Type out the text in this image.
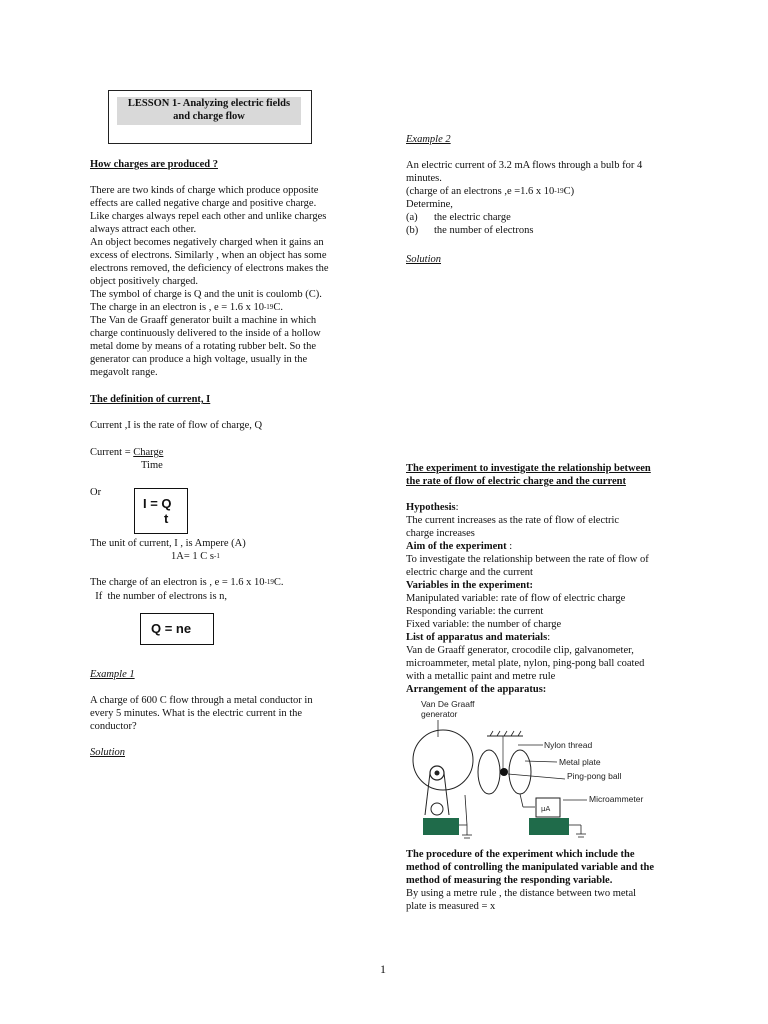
LESSON 1- Analyzing electric fields
and charge flow

How charges are produced ?

There are two kinds of charge which produce opposite

effects are called negative charge and positive charge.

Like charges always repel each other and unlike charges

always attract each other.

An object becomes negatively charged when it gains an

excess of electrons. Similarly , when an object has some

electrons removed, the deficiency of electrons makes the

object positively charged.

The symbol of charge is Q and the unit is coulomb (C).

The charge in an electron is , e = 1.6 x $10^{-19}C$.

The Van de Graaff generator built a machine in which

charge continuously delivered to the inside of a hollow

metal dome by means of a rotating rubber belt. So the

generator can produce a high voltage, usually in the

megavolt range.

The definition of current, I

Current ,I is the rate of flow of charge, Q

Current = Charge
Time
Or
I = Q
t
The unit of current, I , is Ampere (A)
1A= 1 C $s^{-1}$
The charge of an electron is , e = 1.6 x $10^{-19}C$.
If  the number of electrons is n,
Q = ne
Example 1

A charge of 600 C flow through a metal conductor in

every 5 minutes. What is the electric current in the

conductor?

Solution
Example 2

An electric current of 3.2 mA flows through a bulb for 4

minutes.

(charge of an electrons ,e =1.6 x $10^{-19}C$)

Determine,

(a) the electric charge

(b) the number of electrons

Solution

The experiment to investigate the relationship between

the rate of flow of electric charge and the current

Hypothesis:

The current increases as the rate of flow of electric

charge increases

Aim of the experiment :

To investigate the relationship between the rate of flow of

electric charge and the current

Variables in the experiment:

Manipulated variable: rate of flow of electric charge

Responding variable: the current

Fixed variable: the number of charge

List of apparatus and materials:

Van de Graaff generator, crocodile clip, galvanometer,

microammeter, metal plate, nylon, ping-pong ball coated

with a metallic paint and metre rule

Arrangement of the apparatus:

Van De Graaff
generator
Nylon thread
Ping-pong ball
Metal plate
μA
Microammeter

The procedure of the experiment which include the

method of controlling the manipulated variable and the

method of measuring the responding variable.

By using a metre rule , the distance between two metal

plate is measured = x

1
